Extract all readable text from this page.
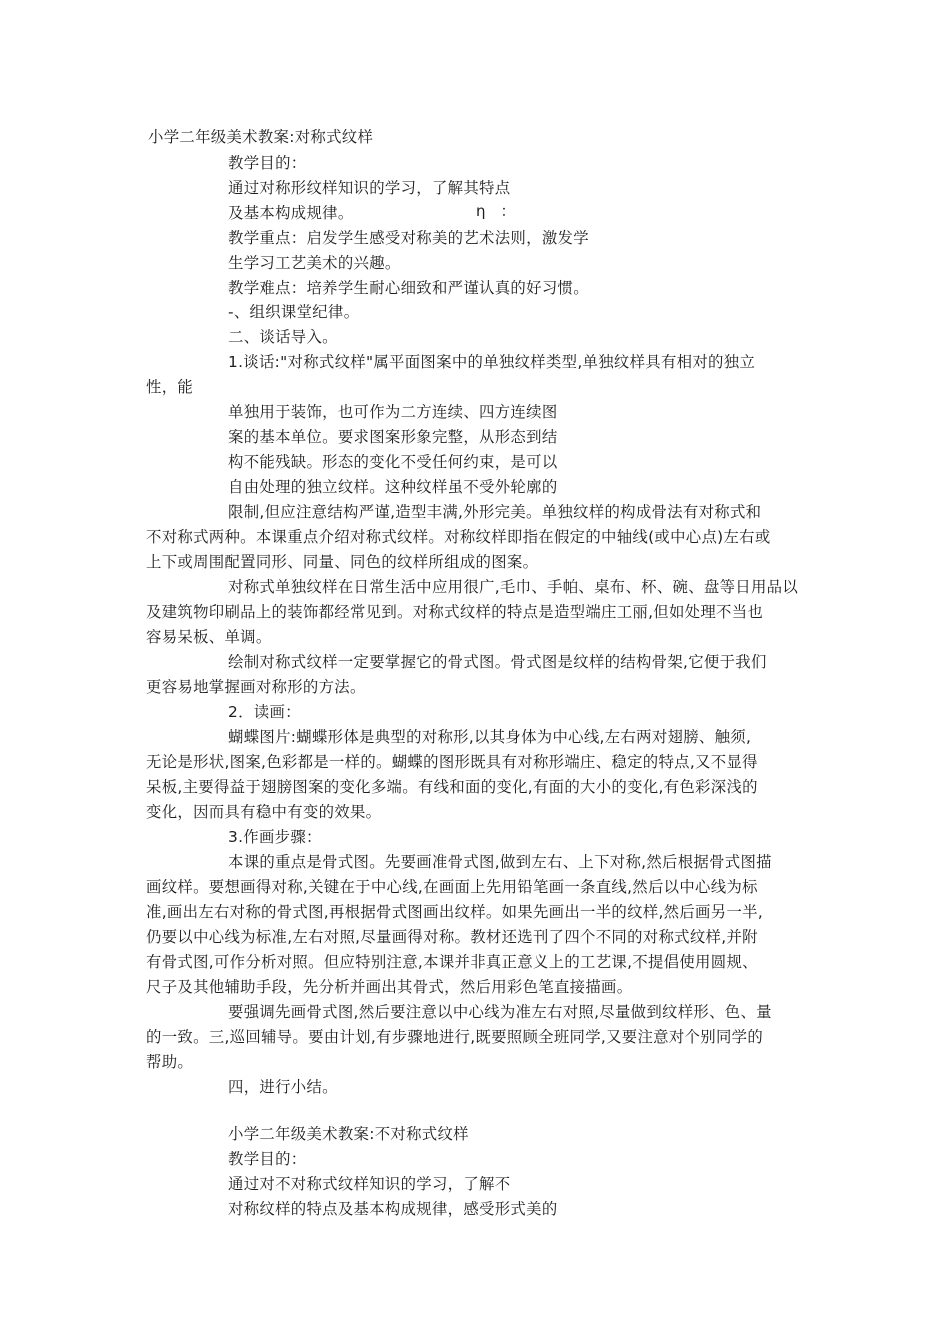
小学二年级美术教案:对称式纹样
教学目的：
通过对称形纹样知识的学习，了解其特点
及基本构成规律。	η　：
教学重点：启发学生感受对称美的艺术法则，激发学
生学习工艺美术的兴趣。
教学难点：培养学生耐心细致和严谨认真的好习惯。
-、组织课堂纪律。
二、谈话导入。
1.谈话:"对称式纹样"属平面图案中的单独纹样类型,单独纹样具有相对的独立
性，能
单独用于装饰，也可作为二方连续、四方连续图
案的基本单位。要求图案形象完整，从形态到结
构不能残缺。形态的变化不受任何约束，是可以
自由处理的独立纹样。这种纹样虽不受外轮廓的
限制,但应注意结构严谨,造型丰满,外形完美。单独纹样的构成骨法有对称式和
不对称式两种。本课重点介绍对称式纹样。对称纹样即指在假定的中轴线(或中心点)左右或
上下或周围配置同形、同量、同色的纹样所组成的图案。
对称式单独纹样在日常生活中应用很广,毛巾、手帕、桌布、杯、碗、盘等日用品以
及建筑物印刷品上的装饰都经常见到。对称式纹样的特点是造型端庄工丽,但如处理不当也
容易呆板、单调。
绘制对称式纹样一定要掌握它的骨式图。骨式图是纹样的结构骨架,它便于我们
更容易地掌握画对称形的方法。
2．读画：
蝴蝶图片:蝴蝶形体是典型的对称形,以其身体为中心线,左右两对翅膀、触须,
无论是形状,图案,色彩都是一样的。蝴蝶的图形既具有对称形端庄、稳定的特点,又不显得
呆板,主要得益于翅膀图案的变化多端。有线和面的变化,有面的大小的变化,有色彩深浅的
变化，因而具有稳中有变的效果。
3.作画步骤：
本课的重点是骨式图。先要画准骨式图,做到左右、上下对称,然后根据骨式图描
画纹样。要想画得对称,关键在于中心线,在画面上先用铅笔画一条直线,然后以中心线为标
准,画出左右对称的骨式图,再根据骨式图画出纹样。如果先画出一半的纹样,然后画另一半,
仍要以中心线为标准,左右对照,尽量画得对称。教材还选刊了四个不同的对称式纹样,并附
有骨式图,可作分析对照。但应特别注意,本课并非真正意义上的工艺课,不提倡使用圆规、
尺子及其他辅助手段，先分析并画出其骨式，然后用彩色笔直接描画。
要强调先画骨式图,然后要注意以中心线为准左右对照,尽量做到纹样形、色、量
的一致。三,巡回辅导。要由计划,有步骤地进行,既要照顾全班同学,又要注意对个别同学的
帮助。
四，进行小结。
小学二年级美术教案:不对称式纹样
教学目的：
通过对不对称式纹样知识的学习，了解不
对称纹样的特点及基本构成规律，感受形式美的
